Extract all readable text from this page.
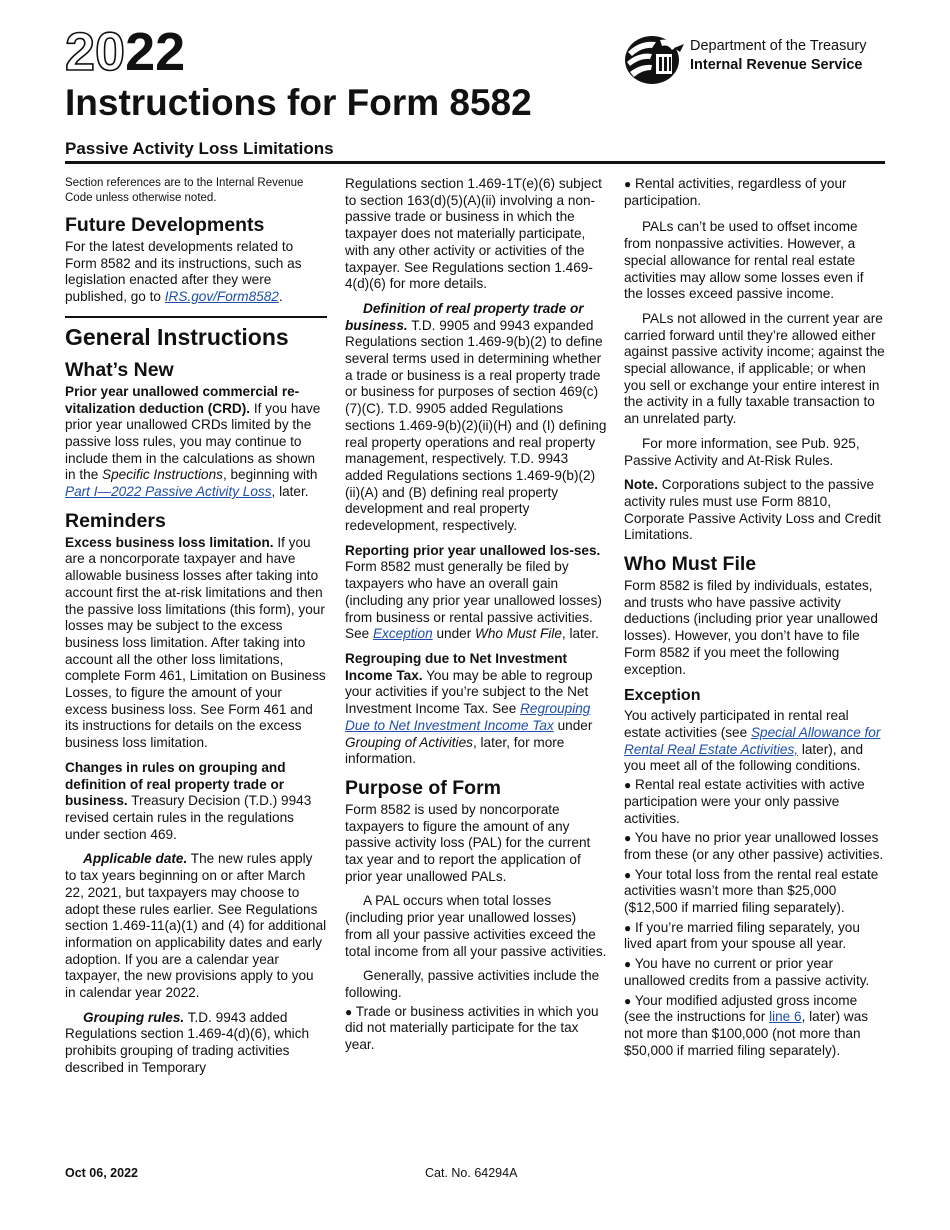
2022
Instructions for Form 8582
Passive Activity Loss Limitations
Department of the Treasury
Internal Revenue Service

Section references are to the Internal Revenue Code unless otherwise noted.

Future Developments

For the latest developments related to Form 8582 and its instructions, such as legislation enacted after they were published, go to IRS.gov/Form8582.

General Instructions
What’s New

Prior year unallowed commercial re-vitalization deduction (CRD). If you have prior year unallowed CRDs limited by the passive loss rules, you may continue to include them in the calculations as shown in the Specific Instructions, beginning with Part I—2022 Passive Activity Loss, later.

Reminders

Excess business loss limitation. If you are a noncorporate taxpayer and have allowable business losses after taking into account first the at-risk limitations and then the passive loss limitations (this form), your losses may be subject to the excess business loss limitation. After taking into account all the other loss limitations, complete Form 461, Limitation on Business Losses, to figure the amount of your excess business loss. See Form 461 and its instructions for details on the excess business loss limitation.

Changes in rules on grouping and definition of real property trade or business. Treasury Decision (T.D.) 9943 revised certain rules in the regulations under section 469.

Applicable date. The new rules apply to tax years beginning on or after March 22, 2021, but taxpayers may choose to adopt these rules earlier. See Regulations section 1.469-11(a)(1) and (4) for additional information on applicability dates and early adoption. If you are a calendar year taxpayer, the new provisions apply to you in calendar year 2022.

Grouping rules. T.D. 9943 added Regulations section 1.469-4(d)(6), which prohibits grouping of trading activities described in Temporary

Regulations section 1.469-1T(e)(6) subject to section 163(d)(5)(A)(ii) involving a non-passive trade or business in which the taxpayer does not materially participate, with any other activity or activities of the taxpayer. See Regulations section 1.469-4(d)(6) for more details.

Definition of real property trade or business. T.D. 9905 and 9943 expanded Regulations section 1.469-9(b)(2) to define several terms used in determining whether a trade or business is a real property trade or business for purposes of section 469(c)(7)(C). T.D. 9905 added Regulations sections 1.469-9(b)(2)(ii)(H) and (I) defining real property operations and real property management, respectively. T.D. 9943 added Regulations sections 1.469-9(b)(2)(ii)(A) and (B) defining real property development and real property redevelopment, respectively.

Reporting prior year unallowed los-ses. Form 8582 must generally be filed by taxpayers who have an overall gain (including any prior year unallowed losses) from business or rental passive activities. See Exception under Who Must File, later.

Regrouping due to Net Investment Income Tax. You may be able to regroup your activities if you’re subject to the Net Investment Income Tax. See Regrouping Due to Net Investment Income Tax under Grouping of Activities, later, for more information.

Purpose of Form

Form 8582 is used by noncorporate taxpayers to figure the amount of any passive activity loss (PAL) for the current tax year and to report the application of prior year unallowed PALs.

A PAL occurs when total losses (including prior year unallowed losses) from all your passive activities exceed the total income from all your passive activities.

Generally, passive activities include the following.

● Trade or business activities in which you did not materially participate for the tax year.
● Rental activities, regardless of your participation.

PALs can’t be used to offset income from nonpassive activities. However, a special allowance for rental real estate activities may allow some losses even if the losses exceed passive income.

PALs not allowed in the current year are carried forward until they’re allowed either against passive activity income; against the special allowance, if applicable; or when you sell or exchange your entire interest in the activity in a fully taxable transaction to an unrelated party.

For more information, see Pub. 925, Passive Activity and At-Risk Rules.

Note. Corporations subject to the passive activity rules must use Form 8810, Corporate Passive Activity Loss and Credit Limitations.

Who Must File

Form 8582 is filed by individuals, estates, and trusts who have passive activity deductions (including prior year unallowed losses). However, you don’t have to file Form 8582 if you meet the following exception.

Exception

You actively participated in rental real estate activities (see Special Allowance for Rental Real Estate Activities, later), and you meet all of the following conditions.

● Rental real estate activities with active participation were your only passive activities.
● You have no prior year unallowed losses from these (or any other passive) activities.
● Your total loss from the rental real estate activities wasn’t more than $25,000 ($12,500 if married filing separately).
● If you’re married filing separately, you lived apart from your spouse all year.
● You have no current or prior year unallowed credits from a passive activity.
● Your modified adjusted gross income (see the instructions for line 6, later) was not more than $100,000 (not more than $50,000 if married filing separately).
Oct 06, 2022	Cat. No. 64294A
